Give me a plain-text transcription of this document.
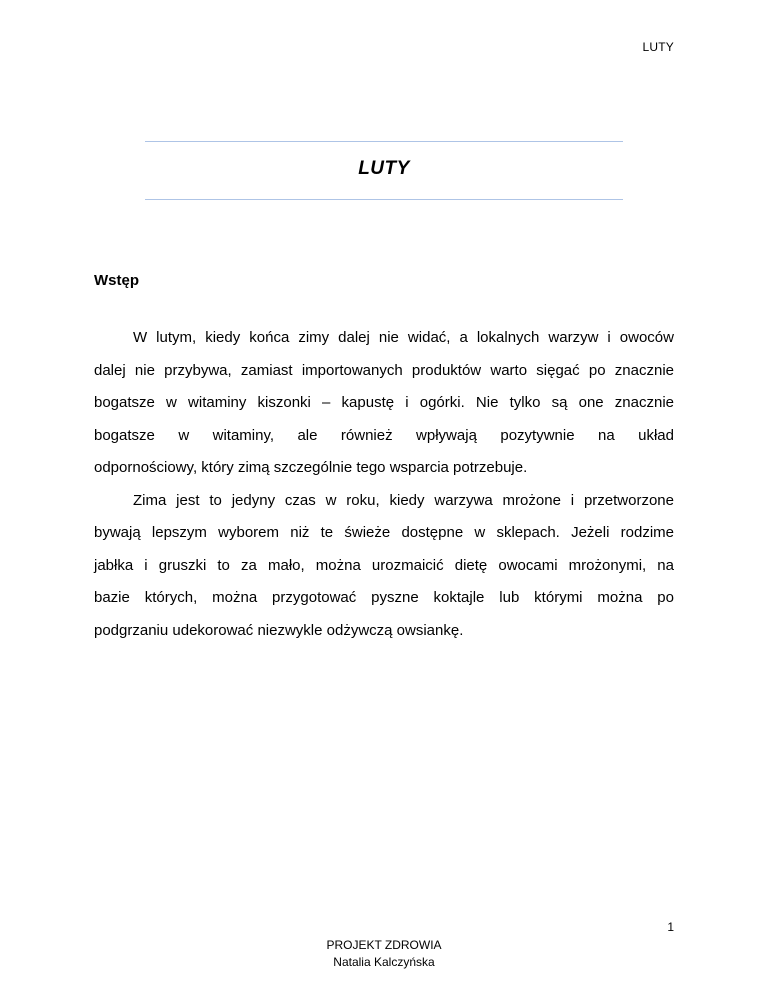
LUTY
LUTY
Wstęp
W lutym, kiedy końca zimy dalej nie widać, a lokalnych warzyw i owoców
dalej nie przybywa, zamiast importowanych produktów warto sięgać po znacznie
bogatsze w witaminy kiszonki – kapustę i ogórki. Nie tylko są one znacznie
bogatsze w witaminy, ale również wpływają pozytywnie na układ
odpornościowy, który zimą szczególnie tego wsparcia potrzebuje.
Zima jest to jedyny czas w roku, kiedy warzywa mrożone i przetworzone
bywają lepszym wyborem niż te świeże dostępne w sklepach. Jeżeli rodzime
jabłka i gruszki to za mało, można urozmaicić dietę owocami mrożonymi, na
bazie których, można przygotować pyszne koktajle lub którymi można po
podgrzaniu udekorować niezwykle odżywczą owsiankę.
1
PROJEKT ZDROWIA
Natalia Kalczyńska
